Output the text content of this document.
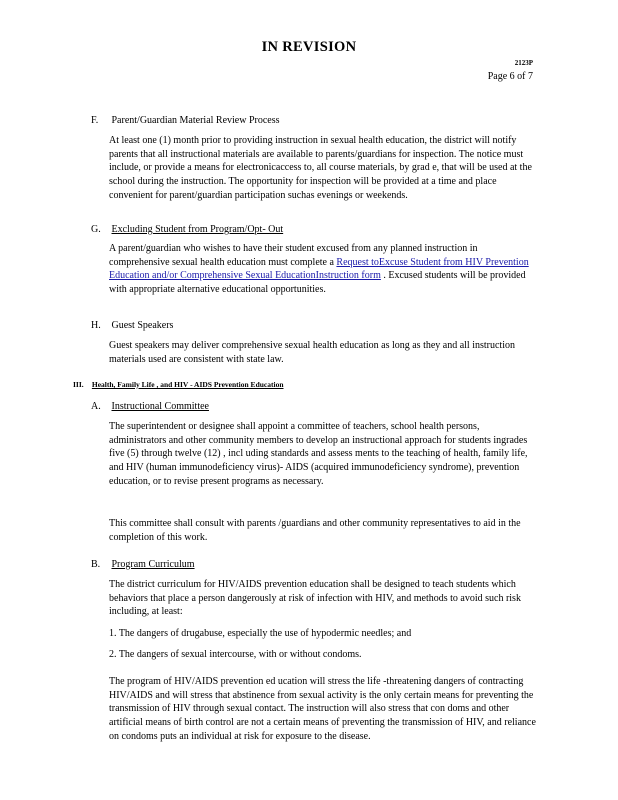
IN REVISION
2123P
Page 6 of 7
F. Parent/Guardian Material Review Process
At least one (1) month prior to providing instruction in sexual health education, the district will notify parents that all instructional materials are available to parents/guardians for inspection. The notice must include, or provide a means for electronicaccess to, all course materials, by grad e, that will be used at the school during the instruction. The opportunity for inspection will be provided at a time and place convenient for parent/guardian participation suchas evenings or weekends.
G. Excluding Student from Program/Opt- Out
A parent/guardian who wishes to have their student excused from any planned instruction in comprehensive sexual health education must complete a Request toExcuse Student from HIV Prevention Education and/or Comprehensive Sexual EducationInstruction form . Excused students will be provided with appropriate alternative educational opportunities.
H. Guest Speakers
Guest speakers may deliver comprehensive sexual health education as long as they and all instruction materials used are consistent with state law.
III. Health, Family Life , and HIV - AIDS Prevention Education
A. Instructional Committee
The superintendent or designee shall appoint a committee of teachers, school health persons, administrators and other community members to develop an instructional approach for students ingrades five (5) through twelve (12) , incl uding standards and assess ments to the teaching of health, family life, and HIV (human immunodeficiency virus)- AIDS (acquired immunodeficiency syndrome), prevention education, or to revise present programs as necessary.
This committee shall consult with parents /guardians and other community representatives to aid in the completion of this work.
B. Program Curriculum
The district curriculum for HIV/AIDS prevention education shall be designed to teach students which behaviors that place a person dangerously at risk of infection with HIV, and methods to avoid such risk including, at least:
1. The dangers of drugabuse, especially the use of hypodermic needles; and
2. The dangers of sexual intercourse, with or without condoms.
The program of HIV/AIDS prevention ed ucation will stress the life -threatening dangers of contracting HIV/AIDS and will stress that abstinence from sexual activity is the only certain means for preventing the transmission of HIV through sexual contact. The instruction will also stress that con doms and other artificial means of birth control are not a certain means of preventing the transmission of HIV, and reliance on condoms puts an individual at risk for exposure to the disease.
